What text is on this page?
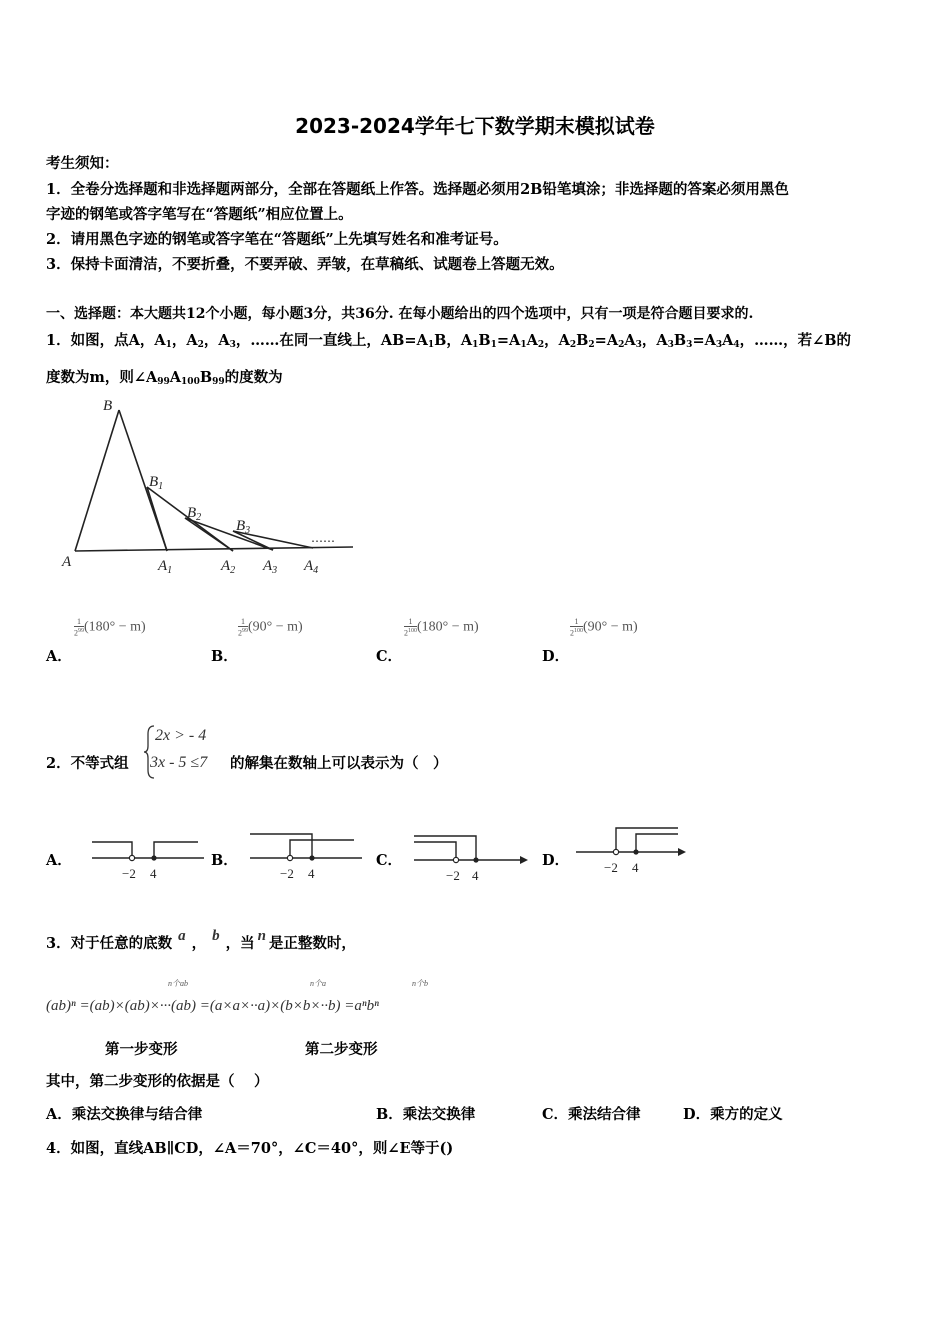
2023-2024学年七下数学期末模拟试卷
考生须知：
1．全卷分选择题和非选择题两部分，全部在答题纸上作答。选择题必须用2B铅笔填涂；非选择题的答案必须用黑色
字迹的钢笔或答字笔写在“答题纸”相应位置上。
2．请用黑色字迹的钢笔或答字笔在“答题纸”上先填写姓名和准考证号。
3．保持卡面清洁，不要折叠，不要弄破、弄皱，在草稿纸、试题卷上答题无效。
一、选择题：本大题共12个小题，每小题3分，共36分. 在每小题给出的四个选项中，只有一项是符合题目要求的.
1．如图，点A，$A_1$，$A_2$，$A_3$，……在同一直线上，$AB=A_1B$，$A_1B_1=A_1A_2$，$A_2B_2=A_2A_3$，$A_3B_3=A_3A_4$，……，若∠B的
度数为m，则$\angle A_{99}A_{100}B_{99}$的度数为
B
$B_1$
$B_2$
$B_3$
A	$A_1$	$A_2$ $A_3$ $A_4$
……
$\frac{1}{2^{99}} (180^\circ - m)$
A．
$\frac{1}{2^{99}} (90^\circ - m)$
B．
$\frac{1}{2^{100}} (180^\circ - m)$
C．
$\frac{1}{2^{100}} (90^\circ - m)$
D．
2．不等式组
2x > - 4
3x - 5 ≤7 的解集在数轴上可以表示为（　）
A．
−2 4
B．
−2 4
C．
−2 4
D．	−2 4
3．对于任意的底数 a ， b ，当 n 是正整数时，
n个ab	n个a	n个b
(ab)ⁿ =(ab)×(ab)×···(ab) =(a×a×··a)×(b×b×··b) =aⁿbⁿ
第一步变形	第二步变形
其中，第二步变形的依据是（　 ）
A．乘法交换律与结合律	B．乘法交换律	C．乘法结合律	D．乘方的定义
4．如图，直线AB∥CD，∠A＝70°，∠C＝40°，则∠E等于()
